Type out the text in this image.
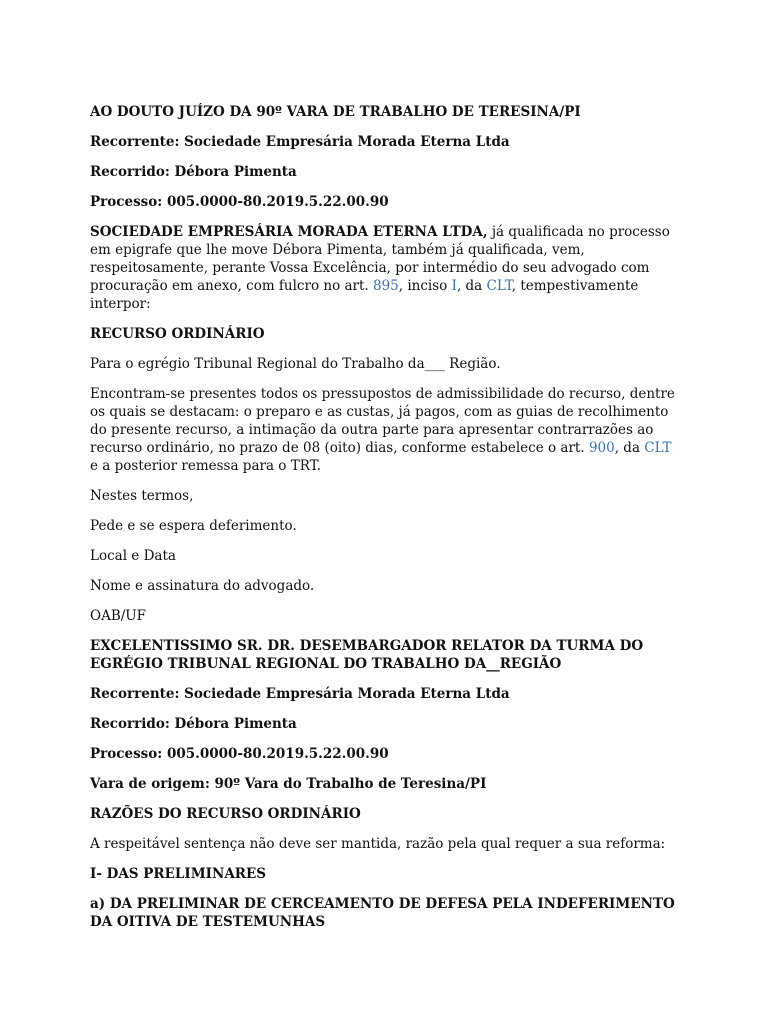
AO DOUTO JUÍZO DA 90º VARA DE TRABALHO DE TERESINA/PI

Recorrente: Sociedade Empresária Morada Eterna Ltda

Recorrido: Débora Pimenta

Processo: 005.0000-80.2019.5.22.00.90

SOCIEDADE EMPRESÁRIA MORADA ETERNA LTDA, já qualificada no processo em epigrafe que lhe move Débora Pimenta, também já qualificada, vem, respeitosamente, perante Vossa Excelência, por intermédio do seu advogado com procuração em anexo, com fulcro no art. 895, inciso I, da CLT, tempestivamente interpor:

RECURSO ORDINÁRIO

Para o egrégio Tribunal Regional do Trabalho da___ Região.

Encontram-se presentes todos os pressupostos de admissibilidade do recurso, dentre os quais se destacam: o preparo e as custas, já pagos, com as guias de recolhimento do presente recurso, a intimação da outra parte para apresentar contrarrazões ao recurso ordinário, no prazo de 08 (oito) dias, conforme estabelece o art. 900, da CLT e a posterior remessa para o TRT.

Nestes termos,

Pede e se espera deferimento.

Local e Data

Nome e assinatura do advogado.

OAB/UF

EXCELENTISSIMO SR. DR. DESEMBARGADOR RELATOR DA TURMA DO EGRÉGIO TRIBUNAL REGIONAL DO TRABALHO DA__REGIÃO

Recorrente: Sociedade Empresária Morada Eterna Ltda

Recorrido: Débora Pimenta

Processo: 005.0000-80.2019.5.22.00.90

Vara de origem: 90º Vara do Trabalho de Teresina/PI

RAZÕES DO RECURSO ORDINÁRIO

A respeitável sentença não deve ser mantida, razão pela qual requer a sua reforma:

I- DAS PRELIMINARES

a) DA PRELIMINAR DE CERCEAMENTO DE DEFESA PELA INDEFERIMENTO DA OITIVA DE TESTEMUNHAS
